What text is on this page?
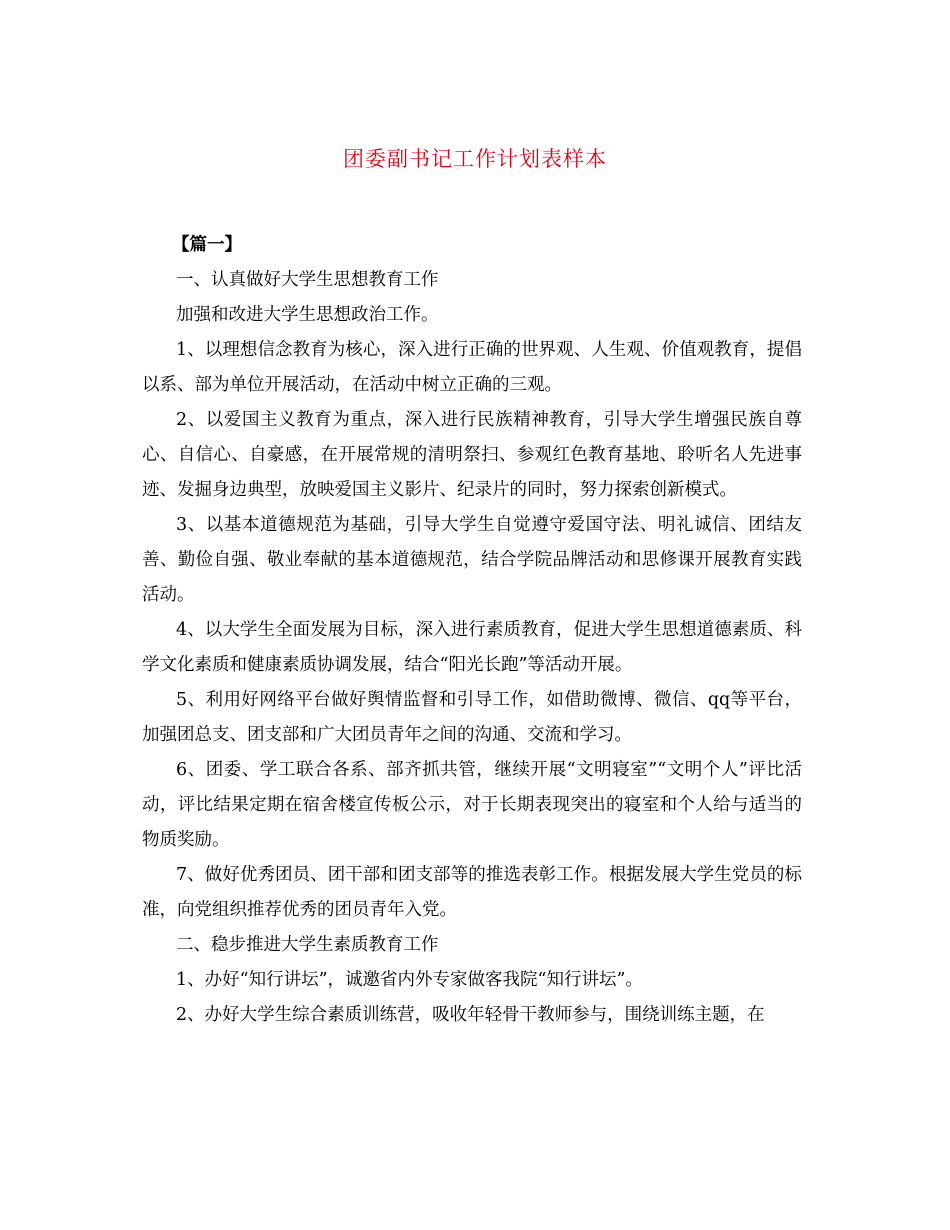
团委副书记工作计划表样本

【篇一】

一、认真做好大学生思想教育工作

加强和改进大学生思想政治工作。

1、以理想信念教育为核心，深入进行正确的世界观、人生观、价值观教育，提倡以系、部为单位开展活动，在活动中树立正确的三观。

2、以爱国主义教育为重点，深入进行民族精神教育，引导大学生增强民族自尊心、自信心、自豪感，在开展常规的清明祭扫、参观红色教育基地、聆听名人先进事迹、发掘身边典型，放映爱国主义影片、纪录片的同时，努力探索创新模式。

3、以基本道德规范为基础，引导大学生自觉遵守爱国守法、明礼诚信、团结友善、勤俭自强、敬业奉献的基本道德规范，结合学院品牌活动和思修课开展教育实践活动。

4、以大学生全面发展为目标，深入进行素质教育，促进大学生思想道德素质、科学文化素质和健康素质协调发展，结合“阳光长跑”等活动开展。

5、利用好网络平台做好舆情监督和引导工作，如借助微博、微信、qq等平台，加强团总支、团支部和广大团员青年之间的沟通、交流和学习。

6、团委、学工联合各系、部齐抓共管，继续开展“文明寝室”“文明个人”评比活动，评比结果定期在宿舍楼宣传板公示，对于长期表现突出的寝室和个人给与适当的物质奖励。

7、做好优秀团员、团干部和团支部等的推选表彰工作。根据发展大学生党员的标准，向党组织推荐优秀的团员青年入党。

二、稳步推进大学生素质教育工作

1、办好“知行讲坛”，诚邀省内外专家做客我院“知行讲坛”。

2、办好大学生综合素质训练营，吸收年轻骨干教师参与，围绕训练主题，在
